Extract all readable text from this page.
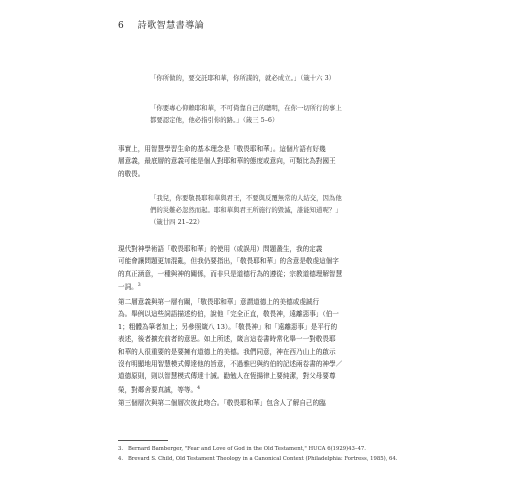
6 詩歌智慧書導論
「你所做的，要交託耶和華，你所謀的，就必成立。」（箴十六 3）
「你要專心仰賴耶和華，不可倚靠自己的聰明，在你一切所行的事上
都要認定他，他必指引你的路。」（箴三 5–6）
事實上，用智慧學習生命的基本理念是「敬畏耶和華」。這個片語有好幾
層意義，最底層的意義可能是個人對耶和華的態度或意向，可類比為對國王
的敬畏。
「我兒，你要敬畏耶和華與君王，不要與反覆無常的人結交，因為他
們的災難必忽然而起。耶和華與君王所施行的毀滅，誰能知道呢？」
（箴廿四 21–22）
現代對神學術語「敬畏耶和華」的使用（或誤用）問題叢生，我的定義
可能會讓問題更加混亂，但我仍要指出，「敬畏耶和華」的含意是敬虔這個字
的真正涵意，一種與神的關係，而非只是道德行為的遵從；宗教道德理解智慧
一詞。$^3$
第二層意義與第一層有關，「敬畏耶和華」意謂道德上的美德或虔誠行
為。舉例以這些詞語描述約伯，說他「完全正直，敬畏神，遠離惡事」（伯一
1；粗體為筆者加上；另參照箴八 13）。「敬畏神」和「遠離惡事」是平行的
表述，後者擴充前者的意思。如上所述，箴言這卷書時常化舉一一對敬畏耶
和華的人很重要的是要擁有道德上的美德。我們同意，神在西乃山上的啟示
沒有明顯地用智慧模式傳達他的旨意，不過雅巴與約伯的記述兩卷書的神學／
道德原則，則以智慧模式傳達十誡。勸勉人在恆揚律上要純潔，對父母要尊
榮，對鄰舍要真誠，等等。$^4$
第三個層次與第二個層次彼此吻合。「敬畏耶和華」包含人了解自己的臨
3. Bernard Bamberger, "Fear and Love of God in the Old Testament," HUCA 6(1929)43–47.
4. Brevard S. Child, Old Testament Theology in a Canonical Context (Philadelphia: Fortress, 1985), 64.
